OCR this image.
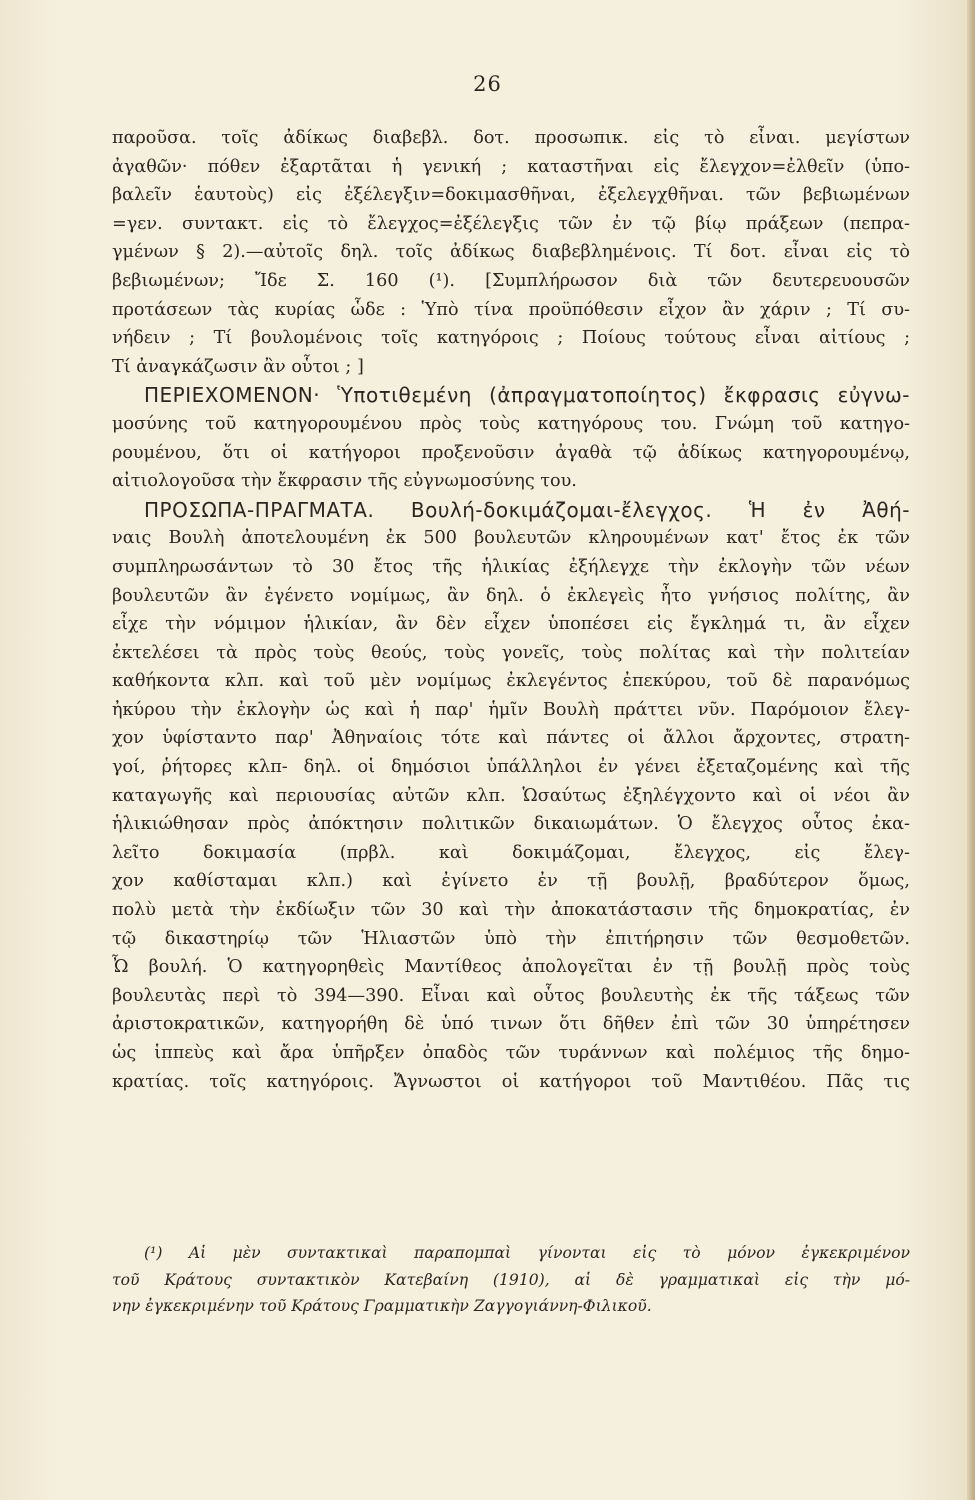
26
παροῦσα. τοῖς ἀδίκως διαβεβλ. δοτ. προσωπικ. εἰς τὸ εἶναι. μεγίστων
ἀγαθῶν· πόθεν ἐξαρτᾶται ἡ γενική ; καταστῆναι εἰς ἔλεγχον=ἐλθεῖν (ὑπο-
βαλεῖν ἑαυτοὺς) εἰς ἐξέλεγξιν=δοκιμασθῆναι, ἐξελεγχθῆναι. τῶν βεβιωμένων
=γεν. συντακτ. εἰς τὸ ἔλεγχος=ἐξέλεγξις τῶν ἐν τῷ βίῳ πράξεων (πεπρα-
γμένων § 2).—αὐτοῖς δηλ. τοῖς ἀδίκως διαβεβλημένοις. Τί δοτ. εἶναι εἰς τὸ
βεβιωμένων; Ἴδε Σ. 160 (¹). [Συμπλήρωσον διὰ τῶν δευτερευουσῶν
προτάσεων τὰς κυρίας ὧδε : Ὑπὸ τίνα προϋπόθεσιν εἶχον ἂν χάριν ; Τί συ-
νήδειν ; Τί βουλομένοις τοῖς κατηγόροις ; Ποίους τούτους εἶναι αἰτίους ;
Τί ἀναγκάζωσιν ἂν οὗτοι ; ]
ΠΕΡΙΕΧΟΜΕΝΟΝ· Ὑποτιθεμένη (ἀπραγματοποίητος) ἔκφρασις εὐγνω-
μοσύνης τοῦ κατηγορουμένου πρὸς τοὺς κατηγόρους του. Γνώμη τοῦ κατηγο-
ρουμένου, ὅτι οἱ κατήγοροι προξενοῦσιν ἀγαθὰ τῷ ἀδίκως κατηγορουμένῳ,
αἰτιολογοῦσα τὴν ἔκφρασιν τῆς εὐγνωμοσύνης του.
ΠΡΟΣΩΠΑ-ΠΡΑΓΜΑΤΑ. Βουλή-δοκιμάζομαι-ἔλεγχος. Ἡ ἐν Ἀθή-
ναις Βουλὴ ἀποτελουμένη ἐκ 500 βουλευτῶν κληρουμένων κατ' ἔτος ἐκ τῶν
συμπληρωσάντων τὸ 30 ἔτος τῆς ἡλικίας ἐξήλεγχε τὴν ἐκλογὴν τῶν νέων
βουλευτῶν ἂν ἐγένετο νομίμως, ἂν δηλ. ὁ ἐκλεγεὶς ἦτο γνήσιος πολίτης, ἂν
εἶχε τὴν νόμιμον ἡλικίαν, ἂν δὲν εἶχεν ὑποπέσει εἰς ἔγκλημά τι, ἂν εἶχεν
ἐκτελέσει τὰ πρὸς τοὺς θεούς, τοὺς γονεῖς, τοὺς πολίτας καὶ τὴν πολιτείαν
καθήκοντα κλπ. καὶ τοῦ μὲν νομίμως ἐκλεγέντος ἐπεκύρου, τοῦ δὲ παρανόμως
ἠκύρου τὴν ἐκλογὴν ὡς καὶ ἡ παρ' ἡμῖν Βουλὴ πράττει νῦν. Παρόμοιον ἔλεγ-
χον ὑφίσταντο παρ' Ἀθηναίοις τότε καὶ πάντες οἱ ἄλλοι ἄρχοντες, στρατη-
γοί, ῥήτορες κλπ- δηλ. οἱ δημόσιοι ὑπάλληλοι ἐν γένει ἐξεταζομένης καὶ τῆς
καταγωγῆς καὶ περιουσίας αὐτῶν κλπ. Ὡσαύτως ἐξηλέγχοντο καὶ οἱ νέοι ἂν
ἡλικιώθησαν πρὸς ἀπόκτησιν πολιτικῶν δικαιωμάτων. Ὁ ἔλεγχος οὗτος ἐκα-
λεῖτο δοκιμασία (πρβλ. καὶ δοκιμάζομαι, ἔλεγχος, εἰς ἔλεγ-
χον καθίσταμαι κλπ.) καὶ ἐγίνετο ἐν τῇ βουλῇ, βραδύτερον ὅμως,
πολὺ μετὰ τὴν ἐκδίωξιν τῶν 30 καὶ τὴν ἀποκατάστασιν τῆς δημοκρατίας, ἐν
τῷ δικαστηρίῳ τῶν Ἡλιαστῶν ὑπὸ τὴν ἐπιτήρησιν τῶν θεσμοθετῶν.
Ὦ βουλή. Ὁ κατηγορηθεὶς Μαντίθεος ἀπολογεῖται ἐν τῇ βουλῇ πρὸς τοὺς
βουλευτὰς περὶ τὸ 394—390. Εἶναι καὶ οὗτος βουλευτὴς ἐκ τῆς τάξεως τῶν
ἀριστοκρατικῶν, κατηγορήθη δὲ ὑπό τινων ὅτι δῆθεν ἐπὶ τῶν 30 ὑπηρέτησεν
ὡς ἱππεὺς καὶ ἄρα ὑπῆρξεν ὀπαδὸς τῶν τυράννων καὶ πολέμιος τῆς δημο-
κρατίας. τοῖς κατηγόροις. Ἄγνωστοι οἱ κατήγοροι τοῦ Μαντιθέου. Πᾶς τις
(¹) Αἱ μὲν συντακτικαὶ παραπομπαὶ γίνονται εἰς τὸ μόνον ἐγκεκριμένον
τοῦ Κράτους συντακτικὸν Κατεβαίνη (1910), αἱ δὲ γραμματικαὶ εἰς τὴν μό-
νην ἐγκεκριμένην τοῦ Κράτους Γραμματικὴν Ζαγγογιάννη-Φιλικοῦ.
